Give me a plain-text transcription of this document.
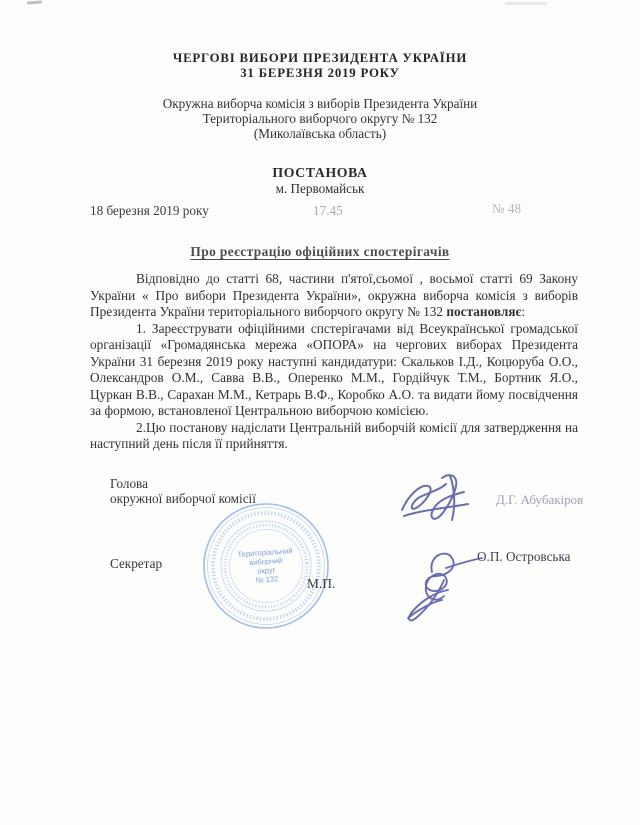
ЧЕРГОВІ ВИБОРИ ПРЕЗИДЕНТА УКРАЇНИ
31 БЕРЕЗНЯ 2019 РОКУ
Окружна виборча комісія з виборів Президента України
Територіального виборчого округу № 132
(Миколаївська область)
ПОСТАНОВА
м. Первомайськ
18 березня 2019 року	17.45	№ 48
Про реєстрацію офіційних спостерігачів

Відповідно до статті 68, частини п'ятої,сьомої , восьмої статті 69 Закону України « Про вибори Президента України», окружна виборча комісія з виборів Президента України територіального виборчого округу № 132 постановляє:

1. Зареєструвати офіційними спстерігачами від Всеукраїнської громадської організації «Громадянська мережа «ОПОРА» на чергових виборах Президента України 31 березня 2019 року наступні кандидатури: Скальков І.Д., Коцюруба О.О., Олександров О.М., Савва В.В., Оперенко М.М., Гордійчук Т.М., Бортник Я.О., Цуркан В.В., Сарахан М.М., Кетрарь В.Ф., Коробко А.О. та видати йому посвідчення за формою, встановленої Центральною виборчою комісією.

2.Цю постанову надіслати Центральній виборчій комісії для затвердження на наступний день після її прийняття.

Голова
окружної виборчої комісії	Д.Г. Абубакіров
Територіальний
виборчий
округ
№ 132
Секретар	О.П. Островська
М.П.
